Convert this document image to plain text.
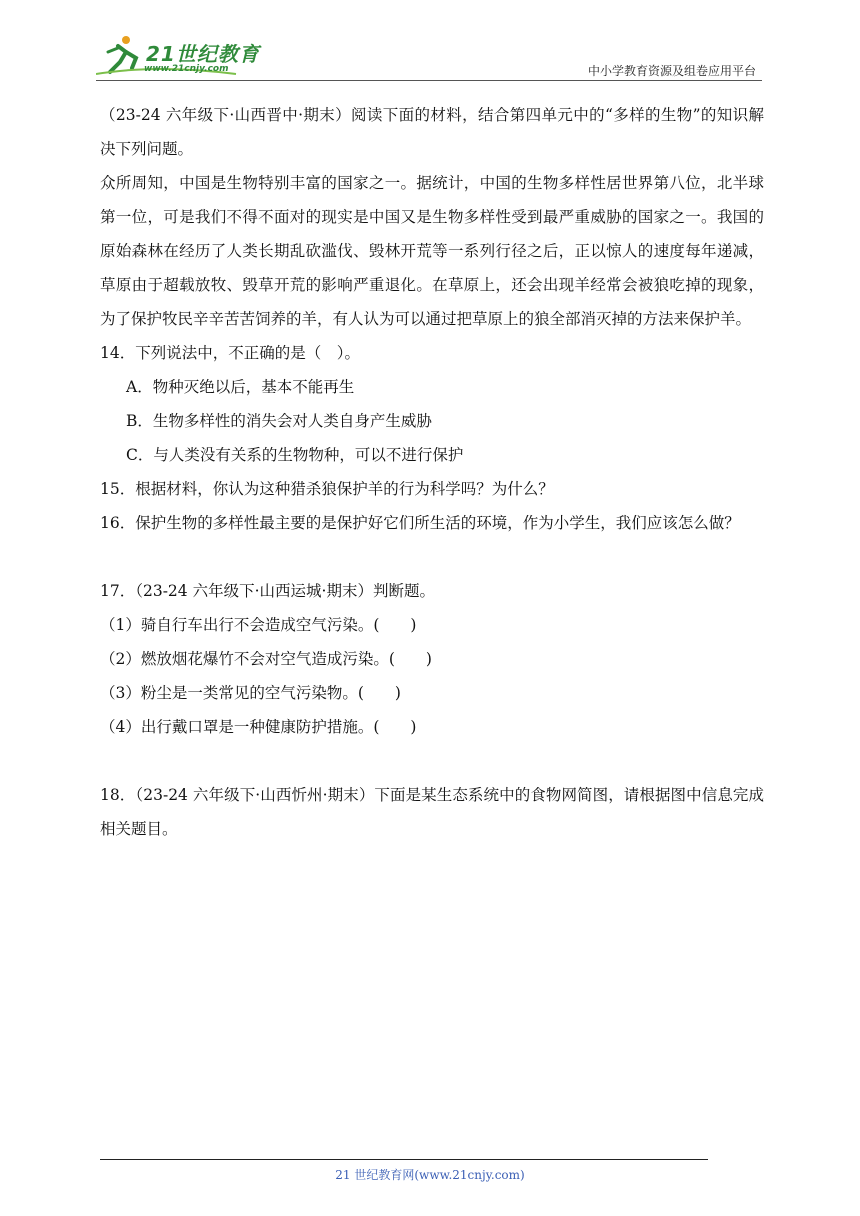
21世纪教育
www.21cnjy.com	中小学教育资源及组卷应用平台

（23-24 六年级下·山西晋中·期末）阅读下面的材料，结合第四单元中的“多样的生物”的知识解决下列问题。

众所周知，中国是生物特别丰富的国家之一。据统计，中国的生物多样性居世界第八位，北半球第一位，可是我们不得不面对的现实是中国又是生物多样性受到最严重威胁的国家之一。我国的原始森林在经历了人类长期乱砍滥伐、毁林开荒等一系列行径之后，正以惊人的速度每年递减，草原由于超载放牧、毁草开荒的影响严重退化。在草原上，还会出现羊经常会被狼吃掉的现象，为了保护牧民辛辛苦苦饲养的羊，有人认为可以通过把草原上的狼全部消灭掉的方法来保护羊。

14．下列说法中，不正确的是（　）。

A．物种灭绝以后，基本不能再生

B．生物多样性的消失会对人类自身产生威胁

C．与人类没有关系的生物物种，可以不进行保护

15．根据材料，你认为这种猎杀狼保护羊的行为科学吗？为什么？

16．保护生物的多样性最主要的是保护好它们所生活的环境，作为小学生，我们应该怎么做？

17．（23-24 六年级下·山西运城·期末）判断题。

（1）骑自行车出行不会造成空气污染。(　　)

（2）燃放烟花爆竹不会对空气造成污染。(　　)

（3）粉尘是一类常见的空气污染物。(　　)

（4）出行戴口罩是一种健康防护措施。(　　)

18．（23-24 六年级下·山西忻州·期末）下面是某生态系统中的食物网简图，请根据图中信息完成相关题目。

21 世纪教育网(www.21cnjy.com)
